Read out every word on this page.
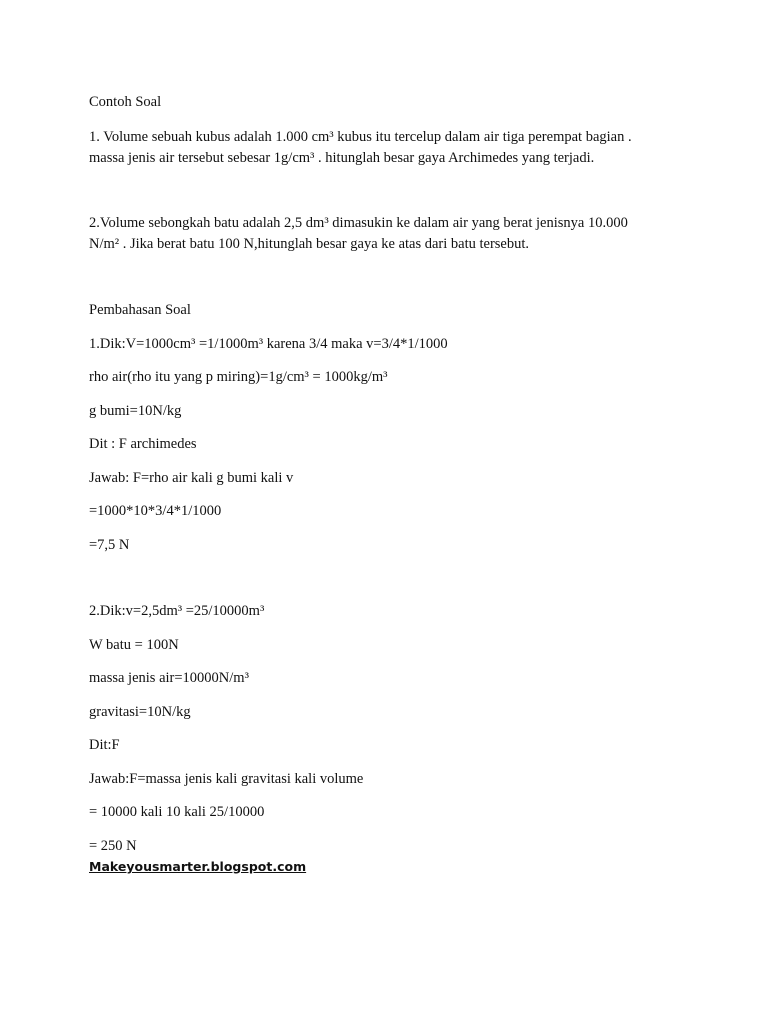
Contoh Soal
1. Volume sebuah kubus adalah 1.000 cm³ kubus itu tercelup dalam air tiga perempat bagian .
massa jenis air tersebut sebesar 1g/cm³ . hitunglah besar gaya Archimedes yang terjadi.
2.Volume sebongkah batu adalah 2,5 dm³ dimasukin ke dalam air yang berat jenisnya 10.000
N/m² . Jika berat batu 100 N,hitunglah besar gaya ke atas dari batu tersebut.
Pembahasan Soal
1.Dik:V=1000cm³ =1/1000m³ karena 3/4 maka v=3/4*1/1000
rho air(rho itu yang p miring)=1g/cm³ = 1000kg/m³
g bumi=10N/kg
Dit : F archimedes
Jawab: F=rho air kali g bumi kali v
=1000*10*3/4*1/1000
=7,5 N
2.Dik:v=2,5dm³ =25/10000m³
W batu = 100N
massa jenis air=10000N/m³
gravitasi=10N/kg
Dit:F
Jawab:F=massa jenis kali gravitasi kali volume
= 10000 kali 10 kali 25/10000
= 250 N
Makeyousmarter.blogspot.com
